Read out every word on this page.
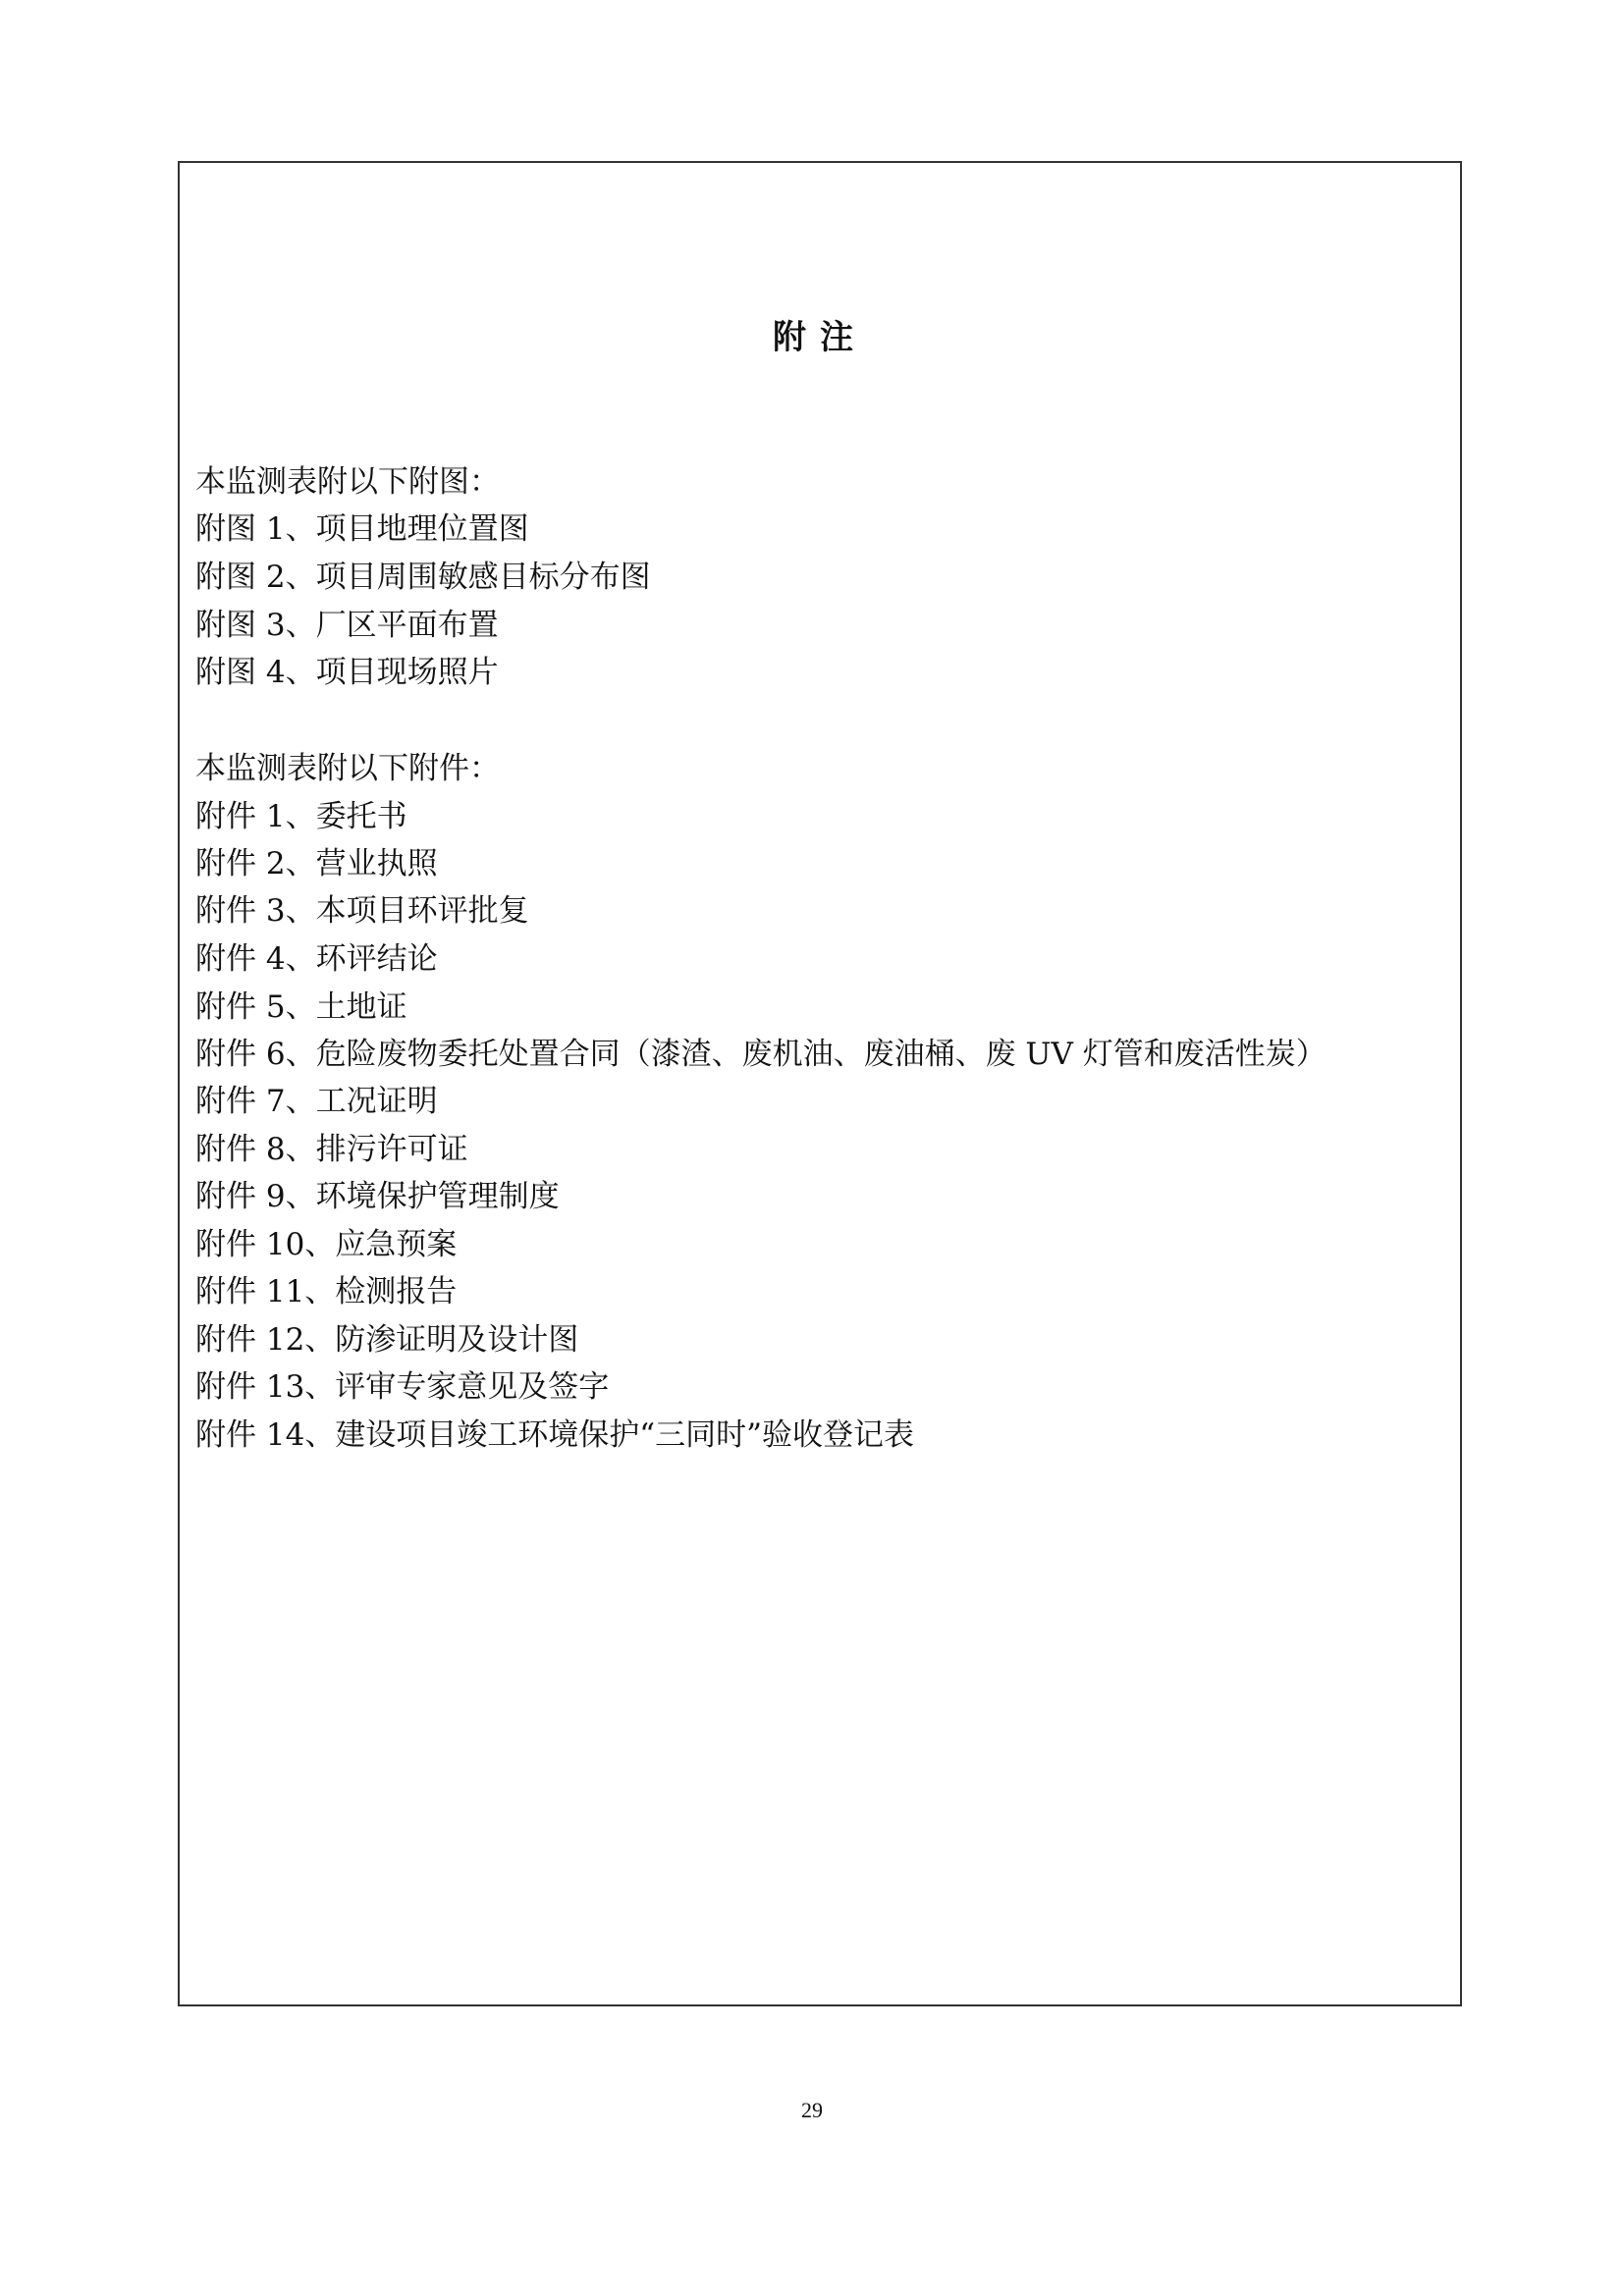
附注
本监测表附以下附图：
附图 1、项目地理位置图
附图 2、项目周围敏感目标分布图
附图 3、厂区平面布置
附图 4、项目现场照片
本监测表附以下附件：
附件 1、委托书
附件 2、营业执照
附件 3、本项目环评批复
附件 4、环评结论
附件 5、土地证
附件 6、危险废物委托处置合同（漆渣、废机油、废油桶、废 UV 灯管和废活性炭）
附件 7、工况证明
附件 8、排污许可证
附件 9、环境保护管理制度
附件 10、应急预案
附件 11、检测报告
附件 12、防渗证明及设计图
附件 13、评审专家意见及签字
附件 14、建设项目竣工环境保护“三同时”验收登记表
29
